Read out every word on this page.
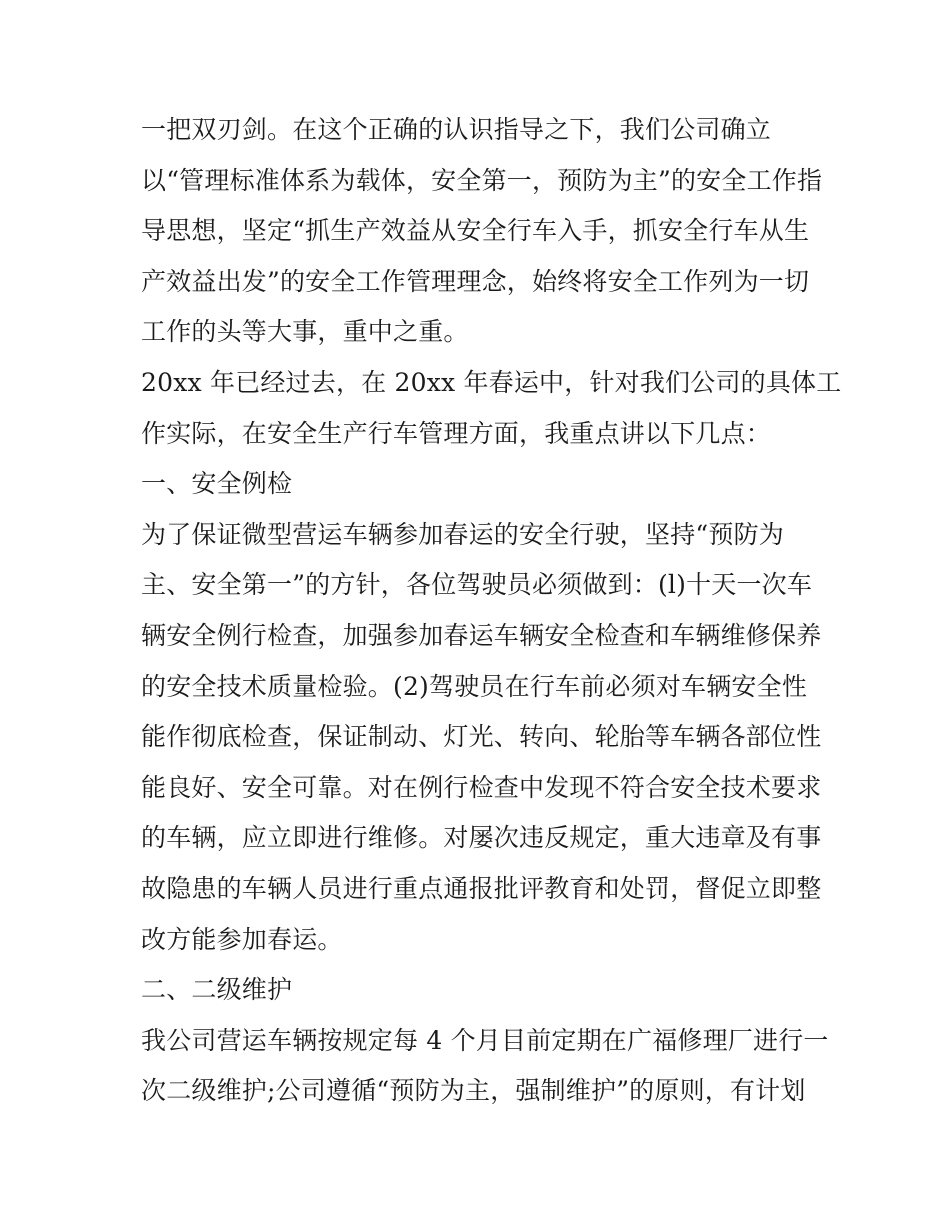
一把双刃剑。在这个正确的认识指导之下，我们公司确立
以“管理标准体系为载体，安全第一，预防为主”的安全工作指
导思想，坚定“抓生产效益从安全行车入手，抓安全行车从生
产效益出发”的安全工作管理理念，始终将安全工作列为一切
工作的头等大事，重中之重。
20xx 年已经过去，在 20xx 年春运中，针对我们公司的具体工
作实际，在安全生产行车管理方面，我重点讲以下几点：
一、安全例检
为了保证微型营运车辆参加春运的安全行驶，坚持“预防为
主、安全第一”的方针，各位驾驶员必须做到：(l)十天一次车
辆安全例行检查，加强参加春运车辆安全检查和车辆维修保养
的安全技术质量检验。(2)驾驶员在行车前必须对车辆安全性
能作彻底检查，保证制动、灯光、转向、轮胎等车辆各部位性
能良好、安全可靠。对在例行检查中发现不符合安全技术要求
的车辆，应立即进行维修。对屡次违反规定，重大违章及有事
故隐患的车辆人员进行重点通报批评教育和处罚，督促立即整
改方能参加春运。
二、二级维护
我公司营运车辆按规定每 4 个月目前定期在广福修理厂进行一
次二级维护;公司遵循“预防为主，强制维护”的原则，有计划
